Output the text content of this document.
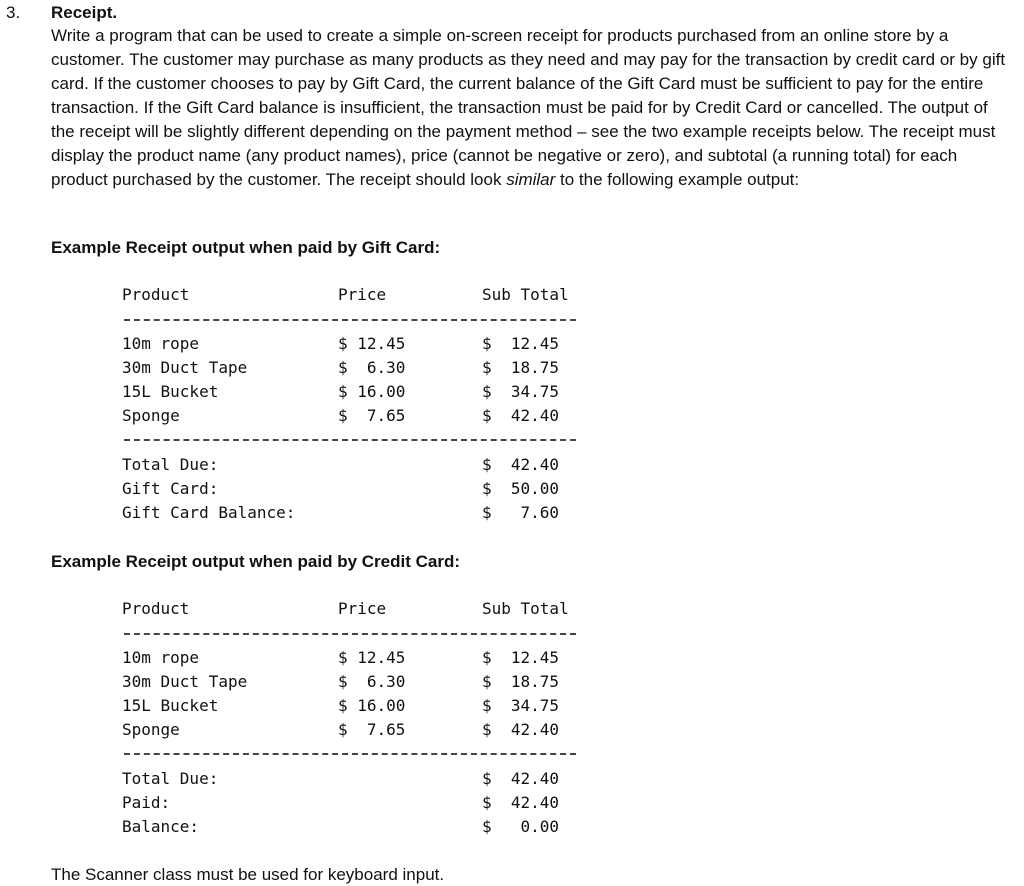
3. Receipt.

Write a program that can be used to create a simple on-screen receipt for products purchased from an online store by a customer. The customer may purchase as many products as they need and may pay for the transaction by credit card or by gift card. If the customer chooses to pay by Gift Card, the current balance of the Gift Card must be sufficient to pay for the entire transaction. If the Gift Card balance is insufficient, the transaction must be paid for by Credit Card or cancelled. The output of the receipt will be slightly different depending on the payment method – see the two example receipts below. The receipt must display the product name (any product names), price (cannot be negative or zero), and subtotal (a running total) for each product purchased by the customer. The receipt should look similar to the following example output:

Example Receipt output when paid by Gift Card:
Product	Price	Sub Total
10m rope	$ 12.45	$  12.45
30m Duct Tape	$  6.30	$  18.75
15L Bucket	$ 16.00	$  34.75
Sponge	$  7.65	$  42.40
Total Due:	$  42.40
Gift Card:	$  50.00
Gift Card Balance:	$   7.60
Example Receipt output when paid by Credit Card:
Product	Price	Sub Total
10m rope	$ 12.45	$  12.45
30m Duct Tape	$  6.30	$  18.75
15L Bucket	$ 16.00	$  34.75
Sponge	$  7.65	$  42.40
Total Due:	$  42.40
Paid:	$  42.40
Balance:	$   0.00
The Scanner class must be used for keyboard input.
